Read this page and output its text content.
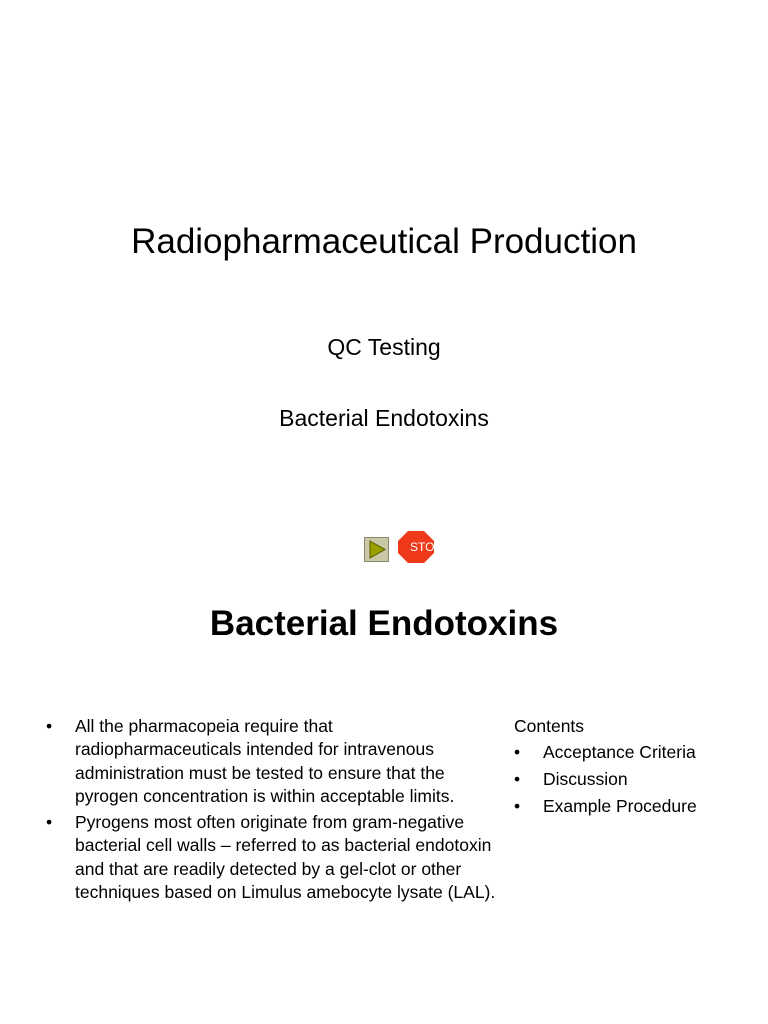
Radiopharmaceutical Production
QC Testing
Bacterial Endotoxins
STOP
Bacterial Endotoxins
• All the pharmacopeia require that radiopharmaceuticals intended for intravenous administration must be tested to ensure that the pyrogen concentration is within acceptable limits.
• Pyrogens most often originate from gram-negative bacterial cell walls – referred to as bacterial endotoxin and that are readily detected by a gel-clot or other techniques based on Limulus amebocyte lysate (LAL).
Contents
• Acceptance Criteria
• Discussion
• Example Procedure
